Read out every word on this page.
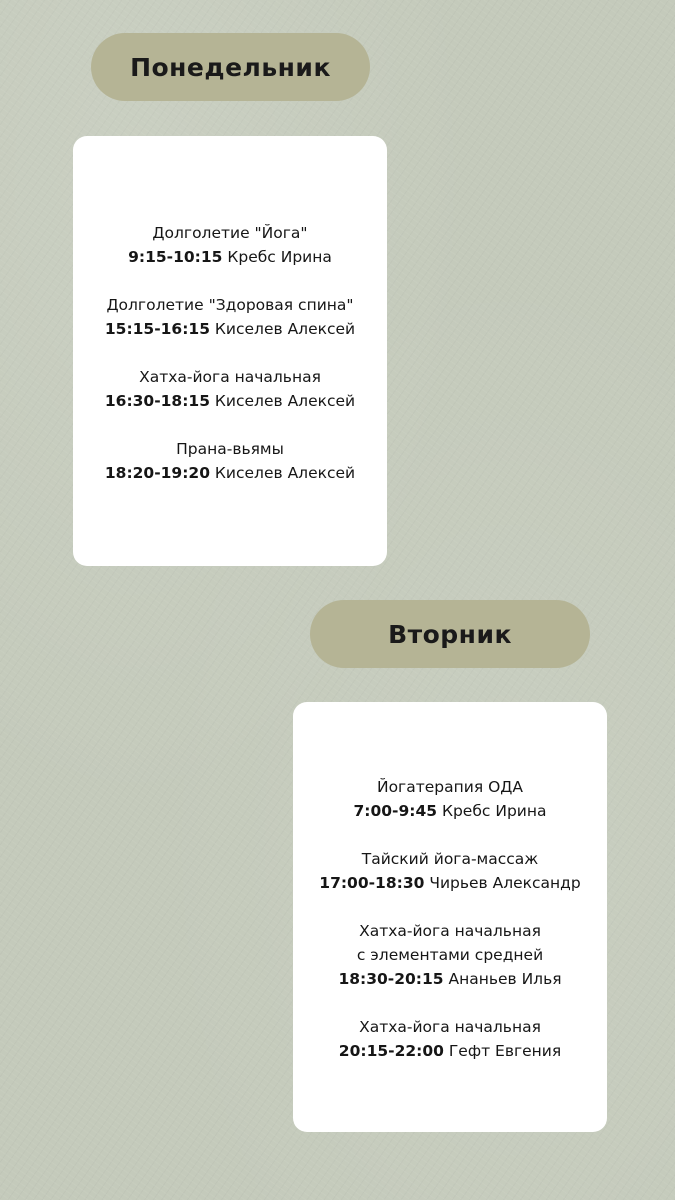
Понедельник
Долголетие "Йога"
9:15-10:15 Кребс Ирина
Долголетие "Здоровая спина"
15:15-16:15 Киселев Алексей
Хатха-йога начальная
16:30-18:15 Киселев Алексей
Прана-вьямы
18:20-19:20 Киселев Алексей
Вторник
Йогатерапия ОДА
7:00-9:45 Кребс Ирина
Тайский йога-массаж
17:00-18:30 Чирьев Александр
Хатха-йога начальная
с элементами средней
18:30-20:15 Ананьев Илья
Хатха-йога начальная
20:15-22:00 Гефт Евгения
